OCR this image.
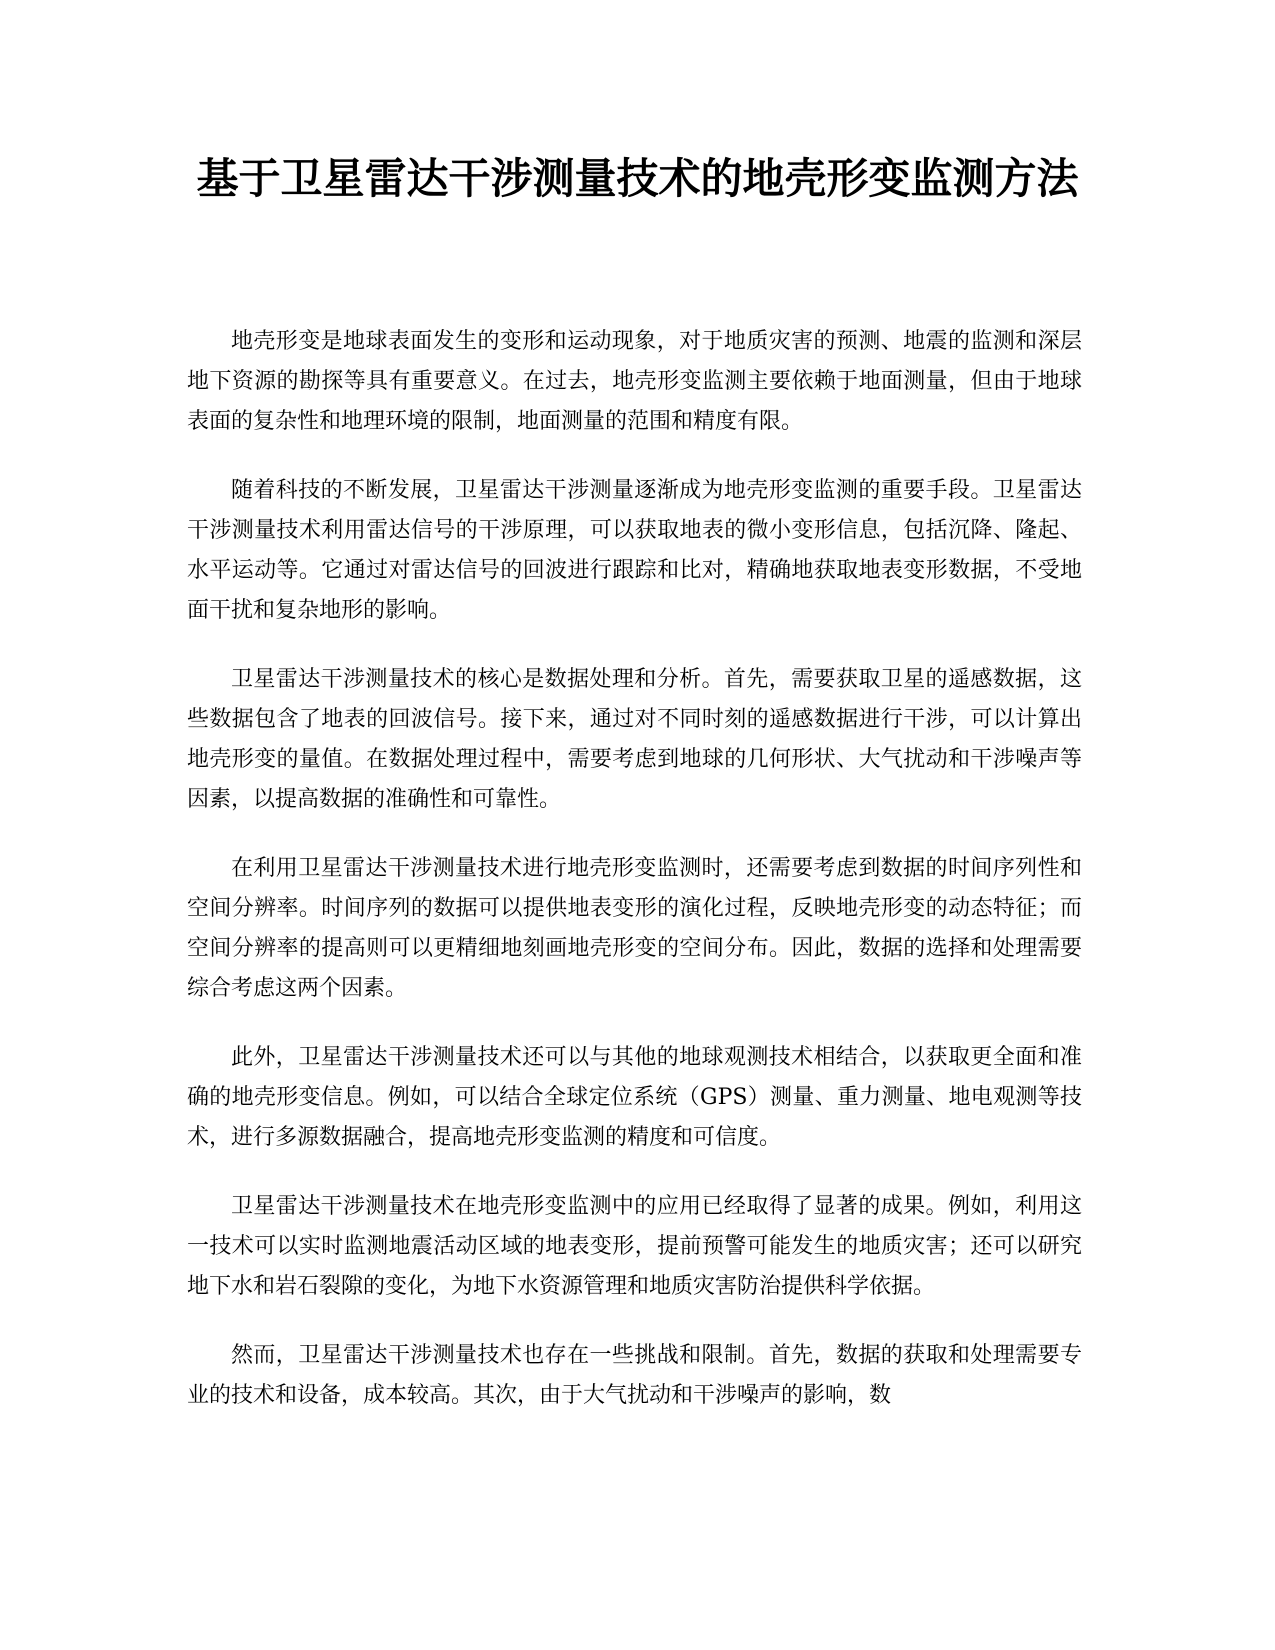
基于卫星雷达干涉测量技术的地壳形变监测方法

地壳形变是地球表面发生的变形和运动现象，对于地质灾害的预测、地震的监测和深层地下资源的勘探等具有重要意义。在过去，地壳形变监测主要依赖于地面测量，但由于地球表面的复杂性和地理环境的限制，地面测量的范围和精度有限。

随着科技的不断发展，卫星雷达干涉测量逐渐成为地壳形变监测的重要手段。卫星雷达干涉测量技术利用雷达信号的干涉原理，可以获取地表的微小变形信息，包括沉降、隆起、水平运动等。它通过对雷达信号的回波进行跟踪和比对，精确地获取地表变形数据，不受地面干扰和复杂地形的影响。

卫星雷达干涉测量技术的核心是数据处理和分析。首先，需要获取卫星的遥感数据，这些数据包含了地表的回波信号。接下来，通过对不同时刻的遥感数据进行干涉，可以计算出地壳形变的量值。在数据处理过程中，需要考虑到地球的几何形状、大气扰动和干涉噪声等因素，以提高数据的准确性和可靠性。

在利用卫星雷达干涉测量技术进行地壳形变监测时，还需要考虑到数据的时间序列性和空间分辨率。时间序列的数据可以提供地表变形的演化过程，反映地壳形变的动态特征；而空间分辨率的提高则可以更精细地刻画地壳形变的空间分布。因此，数据的选择和处理需要综合考虑这两个因素。

此外，卫星雷达干涉测量技术还可以与其他的地球观测技术相结合，以获取更全面和准确的地壳形变信息。例如，可以结合全球定位系统（GPS）测量、重力测量、地电观测等技术，进行多源数据融合，提高地壳形变监测的精度和可信度。

卫星雷达干涉测量技术在地壳形变监测中的应用已经取得了显著的成果。例如，利用这一技术可以实时监测地震活动区域的地表变形，提前预警可能发生的地质灾害；还可以研究地下水和岩石裂隙的变化，为地下水资源管理和地质灾害防治提供科学依据。

然而，卫星雷达干涉测量技术也存在一些挑战和限制。首先，数据的获取和处理需要专业的技术和设备，成本较高。其次，由于大气扰动和干涉噪声的影响，数
